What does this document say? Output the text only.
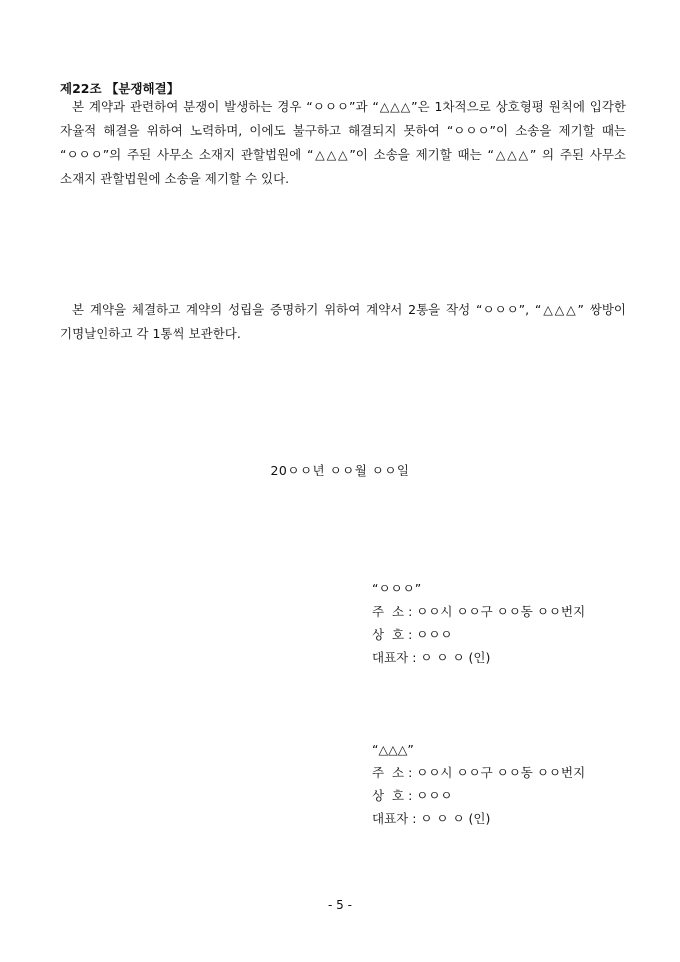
제22조 【분쟁해결】
본 계약과 관련하여 분쟁이 발생하는 경우 “ㅇㅇㅇ”과 “△△△”은 1차적으로 상호형평 원칙에 입각한 자율적 해결을 위하여 노력하며, 이에도 불구하고 해결되지 못하여 “ㅇㅇㅇ”이 소송을 제기할 때는 “ㅇㅇㅇ”의 주된 사무소 소재지 관할법원에 “△△△”이 소송을 제기할 때는 “△△△” 의 주된 사무소 소재지 관할법원에 소송을 제기할 수 있다.
본 계약을 체결하고 계약의 성립을 증명하기 위하여 계약서 2통을 작성 “ㅇㅇㅇ”, “△△△” 쌍방이 기명날인하고 각 1통씩 보관한다.
20ㅇㅇ년 ㅇㅇ월 ㅇㅇ일
“ㅇㅇㅇ”
주  소 : ㅇㅇ시 ㅇㅇ구 ㅇㅇ동 ㅇㅇ번지
상  호 : ㅇㅇㅇ
대표자 : ㅇ ㅇ ㅇ (인)
“△△△”
주  소 : ㅇㅇ시 ㅇㅇ구 ㅇㅇ동 ㅇㅇ번지
상  호 : ㅇㅇㅇ
대표자 : ㅇ ㅇ ㅇ (인)
- 5 -
